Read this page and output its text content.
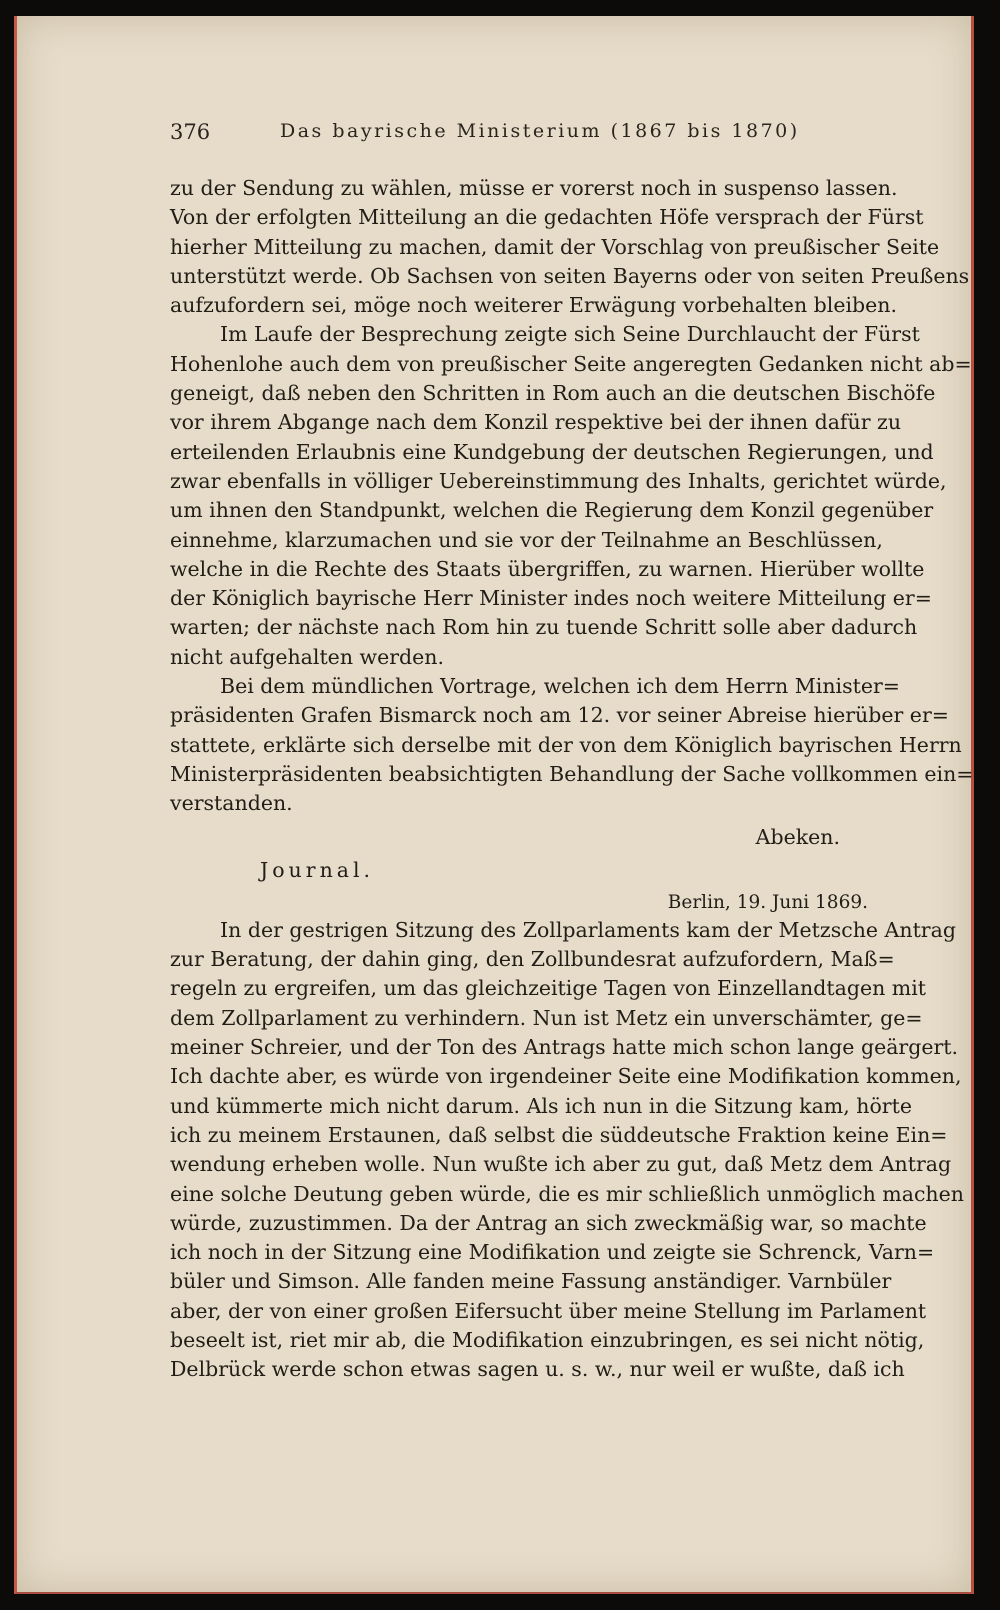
376	Das bayrische Ministerium (1867 bis 1870)
zu der Sendung zu wählen, müsse er vorerst noch in suspenso lassen.
Von der erfolgten Mitteilung an die gedachten Höfe versprach der Fürst
hierher Mitteilung zu machen, damit der Vorschlag von preußischer Seite
unterstützt werde. Ob Sachsen von seiten Bayerns oder von seiten Preußens
aufzufordern sei, möge noch weiterer Erwägung vorbehalten bleiben.
Im Laufe der Besprechung zeigte sich Seine Durchlaucht der Fürst
Hohenlohe auch dem von preußischer Seite angeregten Gedanken nicht ab=
geneigt, daß neben den Schritten in Rom auch an die deutschen Bischöfe
vor ihrem Abgange nach dem Konzil respektive bei der ihnen dafür zu
erteilenden Erlaubnis eine Kundgebung der deutschen Regierungen, und
zwar ebenfalls in völliger Uebereinstimmung des Inhalts, gerichtet würde,
um ihnen den Standpunkt, welchen die Regierung dem Konzil gegenüber
einnehme, klarzumachen und sie vor der Teilnahme an Beschlüssen,
welche in die Rechte des Staats übergriffen, zu warnen. Hierüber wollte
der Königlich bayrische Herr Minister indes noch weitere Mitteilung er=
warten; der nächste nach Rom hin zu tuende Schritt solle aber dadurch
nicht aufgehalten werden.
Bei dem mündlichen Vortrage, welchen ich dem Herrn Minister=
präsidenten Grafen Bismarck noch am 12. vor seiner Abreise hierüber er=
stattete, erklärte sich derselbe mit der von dem Königlich bayrischen Herrn
Ministerpräsidenten beabsichtigten Behandlung der Sache vollkommen ein=
verstanden.
Abeken.
Journal.
Berlin, 19. Juni 1869.
In der gestrigen Sitzung des Zollparlaments kam der Metzsche Antrag
zur Beratung, der dahin ging, den Zollbundesrat aufzufordern, Maß=
regeln zu ergreifen, um das gleichzeitige Tagen von Einzellandtagen mit
dem Zollparlament zu verhindern. Nun ist Metz ein unverschämter, ge=
meiner Schreier, und der Ton des Antrags hatte mich schon lange geärgert.
Ich dachte aber, es würde von irgendeiner Seite eine Modifikation kommen,
und kümmerte mich nicht darum. Als ich nun in die Sitzung kam, hörte
ich zu meinem Erstaunen, daß selbst die süddeutsche Fraktion keine Ein=
wendung erheben wolle. Nun wußte ich aber zu gut, daß Metz dem Antrag
eine solche Deutung geben würde, die es mir schließlich unmöglich machen
würde, zuzustimmen. Da der Antrag an sich zweckmäßig war, so machte
ich noch in der Sitzung eine Modifikation und zeigte sie Schrenck, Varn=
büler und Simson. Alle fanden meine Fassung anständiger. Varnbüler
aber, der von einer großen Eifersucht über meine Stellung im Parlament
beseelt ist, riet mir ab, die Modifikation einzubringen, es sei nicht nötig,
Delbrück werde schon etwas sagen u. s. w., nur weil er wußte, daß ich
